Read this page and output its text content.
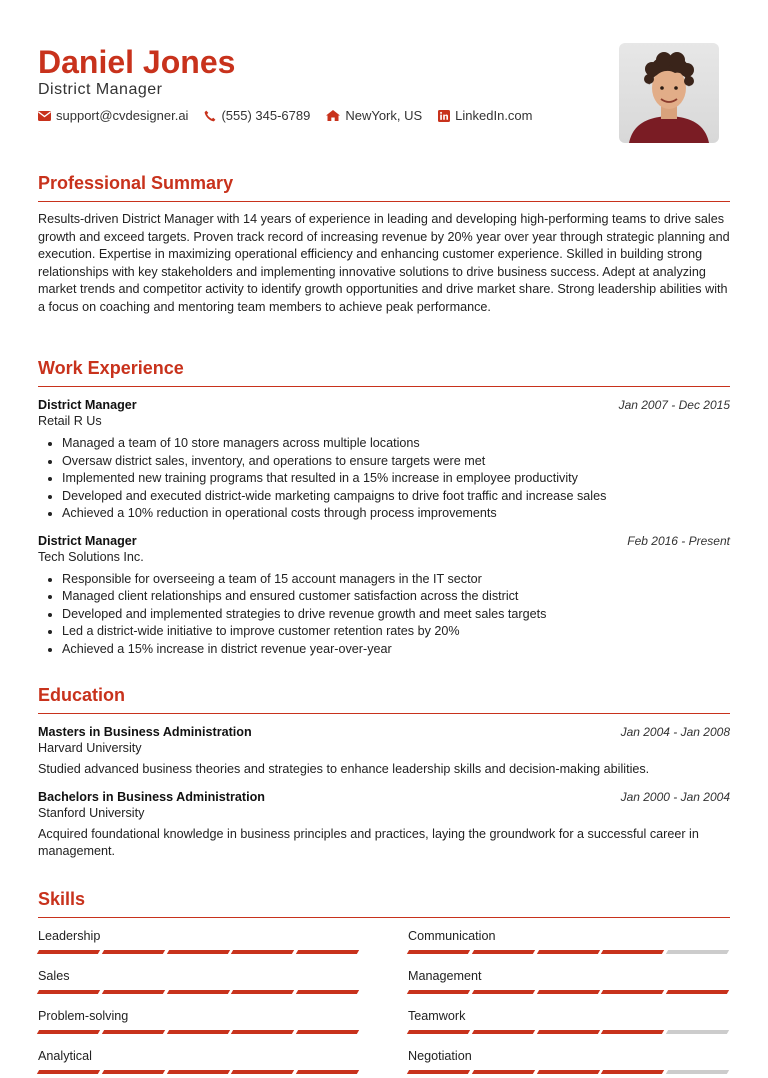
Daniel Jones
District Manager
support@cvdesigner.ai	(555) 345-6789	NewYork, US	LinkedIn.com
Professional Summary
Results-driven District Manager with 14 years of experience in leading and developing high-performing teams to drive sales growth and exceed targets. Proven track record of increasing revenue by 20% year over year through strategic planning and execution. Expertise in maximizing operational efficiency and enhancing customer experience. Skilled in building strong relationships with key stakeholders and implementing innovative solutions to drive business success. Adept at analyzing market trends and competitor activity to identify growth opportunities and drive market share. Strong leadership abilities with a focus on coaching and mentoring team members to achieve peak performance.
Work Experience
District Manager
Retail R Us
Jan 2007 - Dec 2015
• Managed a team of 10 store managers across multiple locations
• Oversaw district sales, inventory, and operations to ensure targets were met
• Implemented new training programs that resulted in a 15% increase in employee productivity
• Developed and executed district-wide marketing campaigns to drive foot traffic and increase sales
• Achieved a 10% reduction in operational costs through process improvements
District Manager
Tech Solutions Inc.
Feb 2016 - Present
• Responsible for overseeing a team of 15 account managers in the IT sector
• Managed client relationships and ensured customer satisfaction across the district
• Developed and implemented strategies to drive revenue growth and meet sales targets
• Led a district-wide initiative to improve customer retention rates by 20%
• Achieved a 15% increase in district revenue year-over-year
Education
Masters in Business Administration
Harvard University
Jan 2004 - Jan 2008
Studied advanced business theories and strategies to enhance leadership skills and decision-making abilities.
Bachelors in Business Administration
Stanford University
Jan 2000 - Jan 2004
Acquired foundational knowledge in business principles and practices, laying the groundwork for a successful career in management.
Skills
Leadership	Communication
Sales	Management
Problem-solving	Teamwork
Analytical	Negotiation
